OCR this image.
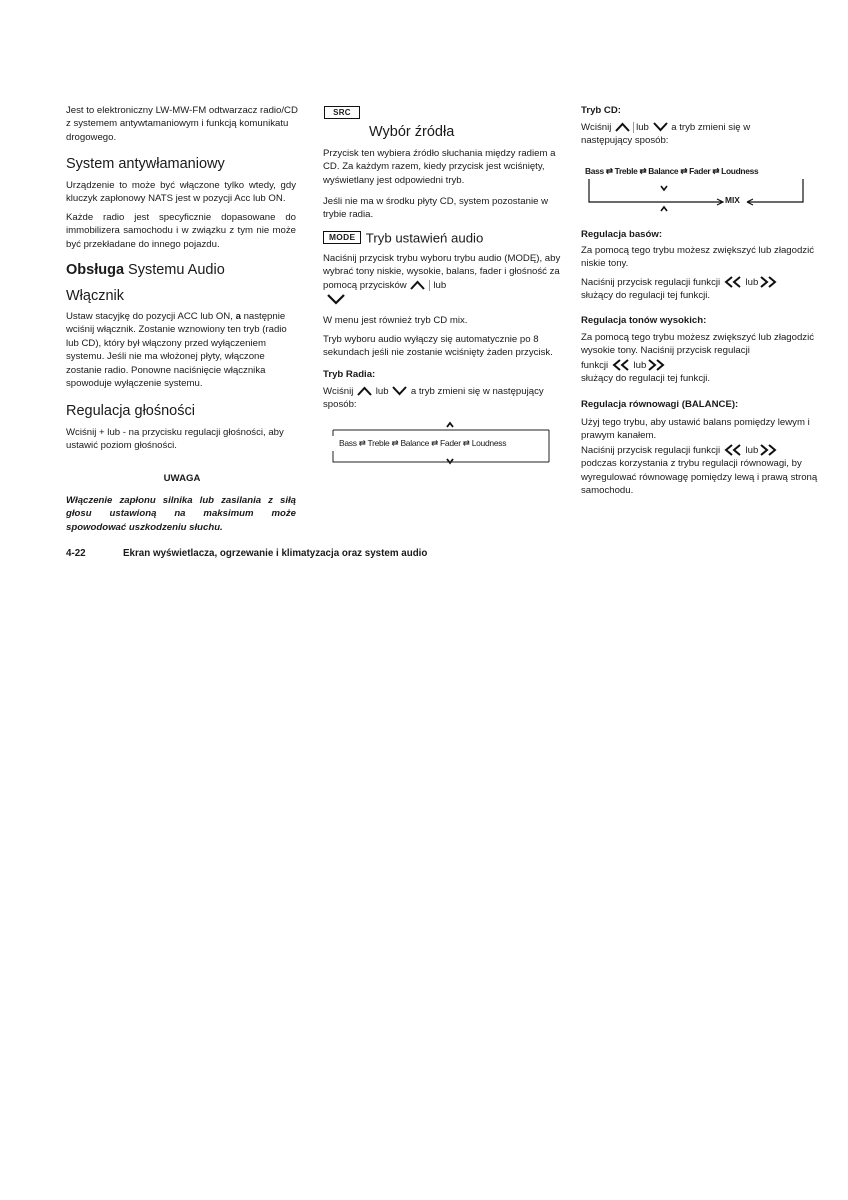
Jest to elektroniczny LW-MW-FM odtwarzacz radio/CD z systemem antywtamaniowym i funkcją komunikatu drogowego.

System antywłamaniowy

Urządzenie to może być włączone tylko wtedy, gdy kluczyk zapłonowy NATS jest w pozycji Acc lub ON.

Każde radio jest specyficznie dopasowane do immobilizera samochodu i w związku z tym nie może być przekładane do innego pojazdu.

Obsługa Systemu Audio
Włącznik

Ustaw stacyjkę do pozycji ACC lub ON, a następnie wciśnij włącznik. Zostanie wznowiony ten tryb (radio lub CD), który był włączony przed wyłączeniem systemu. Jeśli nie ma włożonej płyty, włączone zostanie radio. Ponowne naciśnięcie włącznika spowoduje wyłączenie systemu.

Regulacja głośności

Wciśnij + lub - na przycisku regulacji głośności, aby ustawić poziom głośności.

UWAGA

Włączenie zapłonu silnika lub zasilania z siłą głosu ustawioną na maksimum może spowodować uszkodzeniu słuchu.

SRC
Wybór źródła

Przycisk ten wybiera źródło słuchania między radiem a CD. Za każdym razem, kiedy przycisk jest wciśnięty, wyświetlany jest odpowiedni tryb.

Jeśli nie ma w środku płyty CD, system pozostanie w trybie radia.

MODE Tryb ustawień audio

Naciśnij przycisk trybu wyboru trybu audio (MODĘ), aby wybrać tony niskie, wysokie, balans, fader i głośność za pomocą przycisków	lub

W menu jest również tryb CD mix.

Tryb wyboru audio wyłączy się automatycznie po 8 sekundach jeśli nie zostanie wciśnięty żaden przycisk.

Tryb Radia:

Wciśnij lub a tryb zmieni się w następujący sposób:

Bass ⇄ Treble ⇄ Balance ⇄ Fader ⇄ Loudness
Tryb CD:

Wciśnij	lub a tryb zmieni się w
następujący sposób:

Bass ⇄ Treble ⇄ Balance ⇄ Fader ⇄ Loudness
MIX
Regulacja basów:

Za pomocą tego trybu możesz zwiększyć lub złagodzić niskie tony.

Naciśnij przycisk regulacji funkcji	lub

służący do regulacji tej funkcji.

Regulacja tonów wysokich:

Za pomocą tego trybu możesz zwiększyć lub złagodzić wysokie tony. Naciśnij przycisk regulacji

funkcji	lub

służący do regulacji tej funkcji.

Regulacja równowagi (BALANCE):

Użyj tego trybu, aby ustawić balans pomiędzy lewym i prawym kanałem.

Naciśnij przycisk regulacji funkcji	lub

podczas korzystania z trybu regulacji równowagi, by wyregulować równowagę pomiędzy lewą i prawą stroną samochodu.

4-22	Ekran wyświetlacza, ogrzewanie i klimatyzacja oraz system audio
